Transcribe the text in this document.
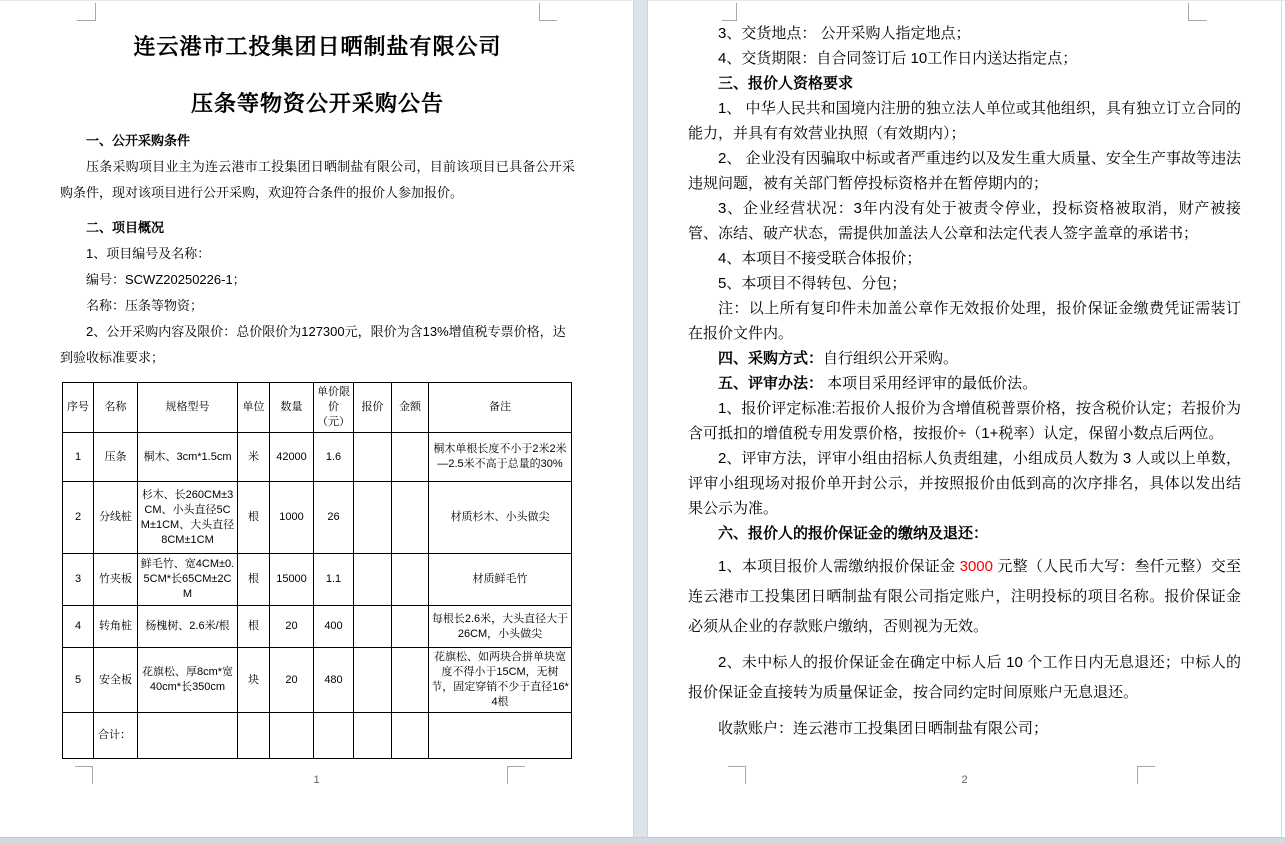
连云港市工投集团日晒制盐有限公司
压条等物资公开采购公告
一、公开采购条件

压条采购项目业主为连云港市工投集团日晒制盐有限公司，目前该项目已具备公开采购条件，现对该项目进行公开采购，欢迎符合条件的报价人参加报价。

二、项目概况
1、项目编号及名称：
编号：SCWZ20250226-1；
名称：压条等物资；
2、公开采购内容及限价：总价限价为127300元，限价为含13%增值税专票价格，达到验收标准要求；
序号	名称	规格型号	单位	数量	单价限价（元）	报价	金额	备注
1	压条	桐木、3cm*1.5cm	米	42000	1.6			桐木单根长度不小于2米2米—2.5米不高于总量的30%
2	分线桩	杉木、长260CM±3CM、小头直径5CM±1CM、大头直径8CM±1CM	根	1000	26			材质杉木、小头做尖
3	竹夹板	鲜毛竹、宽4CM±0.5CM*长65CM±2CM	根	15000	1.1			材质鲜毛竹
4	转角桩	杨槐树、2.6米/根	根	20	400			每根长2.6米，大头直径大于26CM，小头做尖
5	安全板	花旗松、厚8cm*宽40cm*长350cm	块	20	480			花旗松、如两块合拼单块宽度不得小于15CM，无树节，固定穿销不少于直径16*4根
	合计：							
1

3、交货地点： 公开采购人指定地点；

4、交货期限：自合同签订后 10工作日内送达指定点；

三、报价人资格要求

1、 中华人民共和国境内注册的独立法人单位或其他组织，具有独立订立合同的能力，并具有有效营业执照（有效期内）；

2、 企业没有因骗取中标或者严重违约以及发生重大质量、安全生产事故等违法违规问题，被有关部门暂停投标资格并在暂停期内的；

3、企业经营状况：3年内没有处于被责令停业，投标资格被取消，财产被接管、冻结、破产状态，需提供加盖法人公章和法定代表人签字盖章的承诺书；

4、本项目不接受联合体报价；

5、本项目不得转包、分包；

注：以上所有复印件未加盖公章作无效报价处理，报价保证金缴费凭证需装订在报价文件内。

四、采购方式：自行组织公开采购。

五、评审办法： 本项目采用经评审的最低价法。

1、报价评定标准:若报价人报价为含增值税普票价格，按含税价认定；若报价为含可抵扣的增值税专用发票价格，按报价÷（1+税率）认定，保留小数点后两位。

2、评审方法，评审小组由招标人负责组建，小组成员人数为 3 人或以上单数，评审小组现场对报价单开封公示，并按照报价由低到高的次序排名，具体以发出结果公示为准。

六、报价人的报价保证金的缴纳及退还：

1、本项目报价人需缴纳报价保证金 3000 元整（人民币大写：叁仟元整）交至连云港市工投集团日晒制盐有限公司指定账户，注明投标的项目名称。报价保证金必须从企业的存款账户缴纳，否则视为无效。

2、未中标人的报价保证金在确定中标人后 10 个工作日内无息退还；中标人的报价保证金直接转为质量保证金，按合同约定时间原账户无息退还。

收款账户：连云港市工投集团日晒制盐有限公司；

2
